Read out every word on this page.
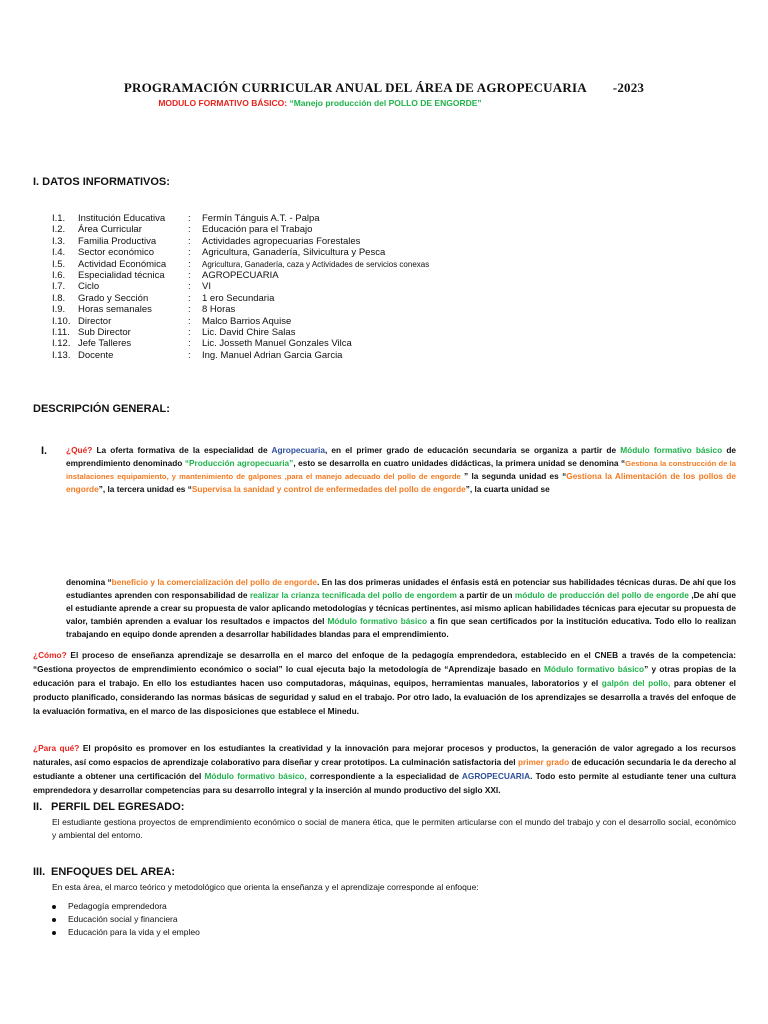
PROGRAMACIÓN CURRICULAR ANUAL DEL ÁREA DE AGROPECUARIA -2023
MODULO FORMATIVO BÁSICO: “Manejo producción del POLLO DE ENGORDE”
I. DATOS INFORMATIVOS:
I.1.	Institución Educativa	:	Fermín Tánguis A.T. - Palpa
I.2.	Área Curricular	:	Educación para el Trabajo
I.3.	Familia Productiva	:	Actividades agropecuarias Forestales
I.4.	Sector económico	:	Agricultura, Ganadería, Silvicultura y Pesca
I.5.	Actividad Económica	:	Agricultura, Ganadería, caza y Actividades de servicios conexas
I.6.	Especialidad técnica	:	AGROPECUARIA
I.7.	Ciclo	:	VI
I.8.	Grado y Sección	:	1 ero Secundaria
I.9.	Horas semanales	:	8 Horas
I.10.	Director	:	Malco Barrios Aquise
I.11.	Sub Director	:	Lic. David Chire Salas
I.12.	Jefe Talleres	:	Lic. Josseth Manuel Gonzales Vilca
I.13.	Docente	:	Ing. Manuel Adrian Garcia Garcia
DESCRIPCIÓN GENERAL:
I. ¿Qué? La oferta formativa de la especialidad de Agropecuaria, en el primer grado de educación secundaria se organiza a partir de Módulo formativo básico de emprendimiento denominado “Producción agropecuaria”, esto se desarrolla en cuatro unidades didácticas, la primera unidad se denomina “Gestiona la construcción de la instalaciones equipamiento, y mantenimiento de galpones ,para el manejo adecuado del pollo de engorde ” la segunda unidad es “Gestiona la Alimentación de los pollos de engorde”, la tercera unidad es “Supervisa la sanidad y control de enfermedades del pollo de engorde”, la cuarta unidad se
denomina “beneficio y la comercialización del pollo de engorde. En las dos primeras unidades el énfasis está en potenciar sus habilidades técnicas duras. De ahí que los estudiantes aprenden con responsabilidad de realizar la crianza tecnificada del pollo de engordem a partir de un módulo de producción del pollo de engorde ,De ahí que el estudiante aprende a crear su propuesta de valor aplicando metodologías y técnicas pertinentes, así mismo aplican habilidades técnicas para ejecutar su propuesta de valor, también aprenden a evaluar los resultados e impactos del Módulo formativo básico a fin que sean certificados por la institución educativa. Todo ello lo realizan trabajando en equipo donde aprenden a desarrollar habilidades blandas para el emprendimiento.
¿Cómo? El proceso de enseñanza aprendizaje se desarrolla en el marco del enfoque de la pedagogía emprendedora, establecido en el CNEB a través de la competencia: “Gestiona proyectos de emprendimiento económico o social” lo cual ejecuta bajo la metodología de “Aprendizaje basado en Módulo formativo básico” y otras propias de la educación para el trabajo. En ello los estudiantes hacen uso computadoras, máquinas, equipos, herramientas manuales, laboratorios y el galpón del pollo, para obtener el producto planificado, considerando las normas básicas de seguridad y salud en el trabajo. Por otro lado, la evaluación de los aprendizajes se desarrolla a través del enfoque de la evaluación formativa, en el marco de las disposiciones que establece el Minedu.
¿Para qué? El propósito es promover en los estudiantes la creatividad y la innovación para mejorar procesos y productos, la generación de valor agregado a los recursos naturales, así como espacios de aprendizaje colaborativo para diseñar y crear prototipos. La culminación satisfactoria del primer grado de educación secundaria le da derecho al estudiante a obtener una certificación del Módulo formativo básico, correspondiente a la especialidad de AGROPECUARIA. Todo esto permite al estudiante tener una cultura emprendedora y desarrollar competencias para su desarrollo integral y la inserción al mundo productivo del siglo XXI.
II. PERFIL DEL EGRESADO:
El estudiante gestiona proyectos de emprendimiento económico o social de manera ética, que le permiten articularse con el mundo del trabajo y con el desarrollo social, económico y ambiental del entorno.
III. ENFOQUES DEL AREA:
En esta área, el marco teórico y metodológico que orienta la enseñanza y el aprendizaje corresponde al enfoque:
Pedagogía emprendedora
Educación social y financiera
Educación para la vida y el empleo
